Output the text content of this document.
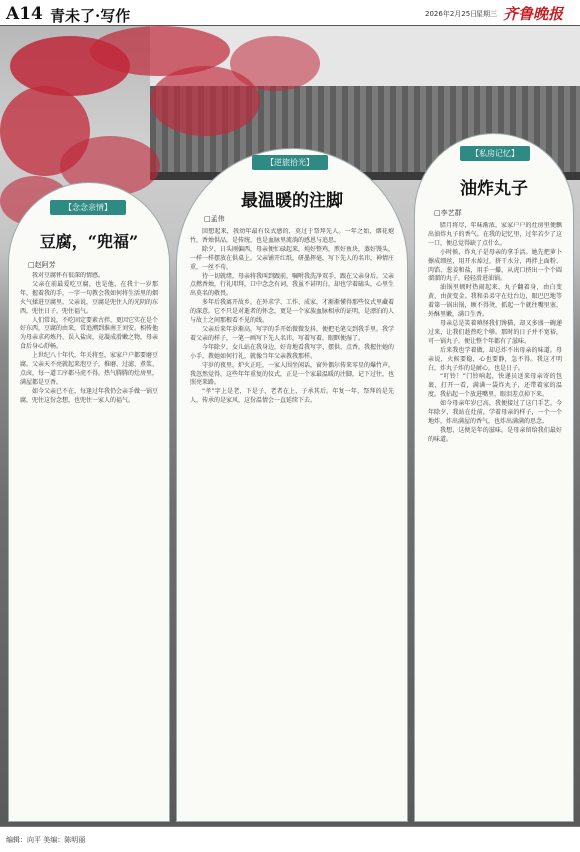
A14 青未了·写作	2026年2月25日
星期三 齐鲁晚报
【念念亲情】
豆腐，“兜福”
□赵阿芳

我对豆腐怀有很深的情感。

父亲在前最爱吃豆腐，也是他，在我十一岁那年，握着我的手，一字一句教会我如何将生活里的烟火气揉进豆腐里。父亲说，豆腐是兜住人的光阴的东西，兜住日子，兜住福气。

人们常说，不吃固定要素古拌，更因它实在是个好东西，豆腐的由来，常追溯到淮南王刘安。相传他为母亲求药炼丹，误入盐卤，竟凝成滑嫩之物，母亲食后身心舒畅。

上世纪八十年代，年关将至，家家户户都要磨豆腐。父亲天不亮就起来泡豆子，推磨、过滤、煮浆、点卤，每一道工序都马虎不得。热气腾腾的灶房里，满屋都是豆香。

如今父亲已不在，每逢过年我仍会亲手做一锅豆腐，兜住这份念想，也兜住一家人的福气。

【逆旅拾光】
最温暖的注脚
□孟伟

回想起来，我幼年最有仪式感的，莫过于祭拜先人。一年之始，烟花炮竹，香烛供品，是传统，也是血脉里流淌的感恩与追思。

除夕，日头刚偏西，母亲便忙碌起来，炖好整鸡，煎好鱼块，蒸好馒头，一样一样摆放在供桌上。父亲铺开红纸，研墨挥毫，写下先人的名讳，神情庄重，一丝不苟。

待一切就绪，母亲将我叫到跟前，嘱咐我洗净双手，跟在父亲身后。父亲点燃香烛，行礼叩拜，口中念念有词，我虽不甚明白，却也学着磕头，心里生出莫名的敬畏。

多年后我离开故乡，在外求学、工作、成家，才渐渐懂得那些仪式里藏着的深意。它不只是对逝者的怀念，更是一个家族血脉相承的证明，是漂泊的人与故土之间那根看不见的线。

父亲后来年岁渐高，写字的手开始微微发抖，便把毛笔交到我手里。我学着父亲的样子，一笔一画写下先人名讳，写着写着，眼眶便湿了。

今年除夕，女儿站在我身边，好奇地看我写字、摆供、点香。我握住她的小手，教她如何行礼，就像当年父亲教我那样。

守岁的夜里，炉火正旺，一家人围坐闲话，窗外偶尔传来零星的爆竹声。我忽然觉得，这些年年重复的仪式，正是一个家最温暖的注脚，记下过往，也照亮来路。

“孝”字上是老，下是子，老者在上，子承其后。年复一年，祭拜的是先人，传承的是家风，这份温情会一直延续下去。

【私房记忆】
油炸丸子
□李艺群

腊月将尽，年味渐浓，家家户户的灶房里便飘出油炸丸子的香气。在我的记忆里，过年若少了这一口，便总觉得缺了点什么。

小时候，炸丸子是母亲的拿手活。她先把萝卜擦成细丝，用开水焯过，挤干水分，再拌上面粉、肉馅、葱姜和盐，用手一攥，从虎口挤出一个个圆溜溜的丸子，轻轻滑进油锅。

油锅里顿时热闹起来，丸子翻着身，由白变黄，由黄变金。我和弟弟守在灶台边，眼巴巴地等着第一锅出锅，顾不得烫，抓起一个就往嘴里塞，外酥里嫩，满口生香。

母亲总是笑着嗔怪我们馋猫，却又多盛一碗递过来，让我们趁热吃个够。那时的日子并不宽裕，可一锅丸子，便让整个年都有了滋味。

后来我也学着做，却总炸不出母亲的味道。母亲说，火候要稳，心也要静，急不得。我这才明白，炸丸子炸的是耐心，也是日子。

“叮铃！”门铃响起，快递员送来母亲寄的包裹，打开一看，满满一袋炸丸子，还带着家的温度。我拈起一个放进嘴里，眼泪差点掉下来。

如今母亲年岁已高，我便接过了这门手艺。今年除夕，我站在灶前，学着母亲的样子，一个一个地炸，炸出满屋的香气，也炸出满满的思念。

我想，这便是年的滋味，是母亲留给我们最好的味道。

编辑：向平 美编：陈明丽
